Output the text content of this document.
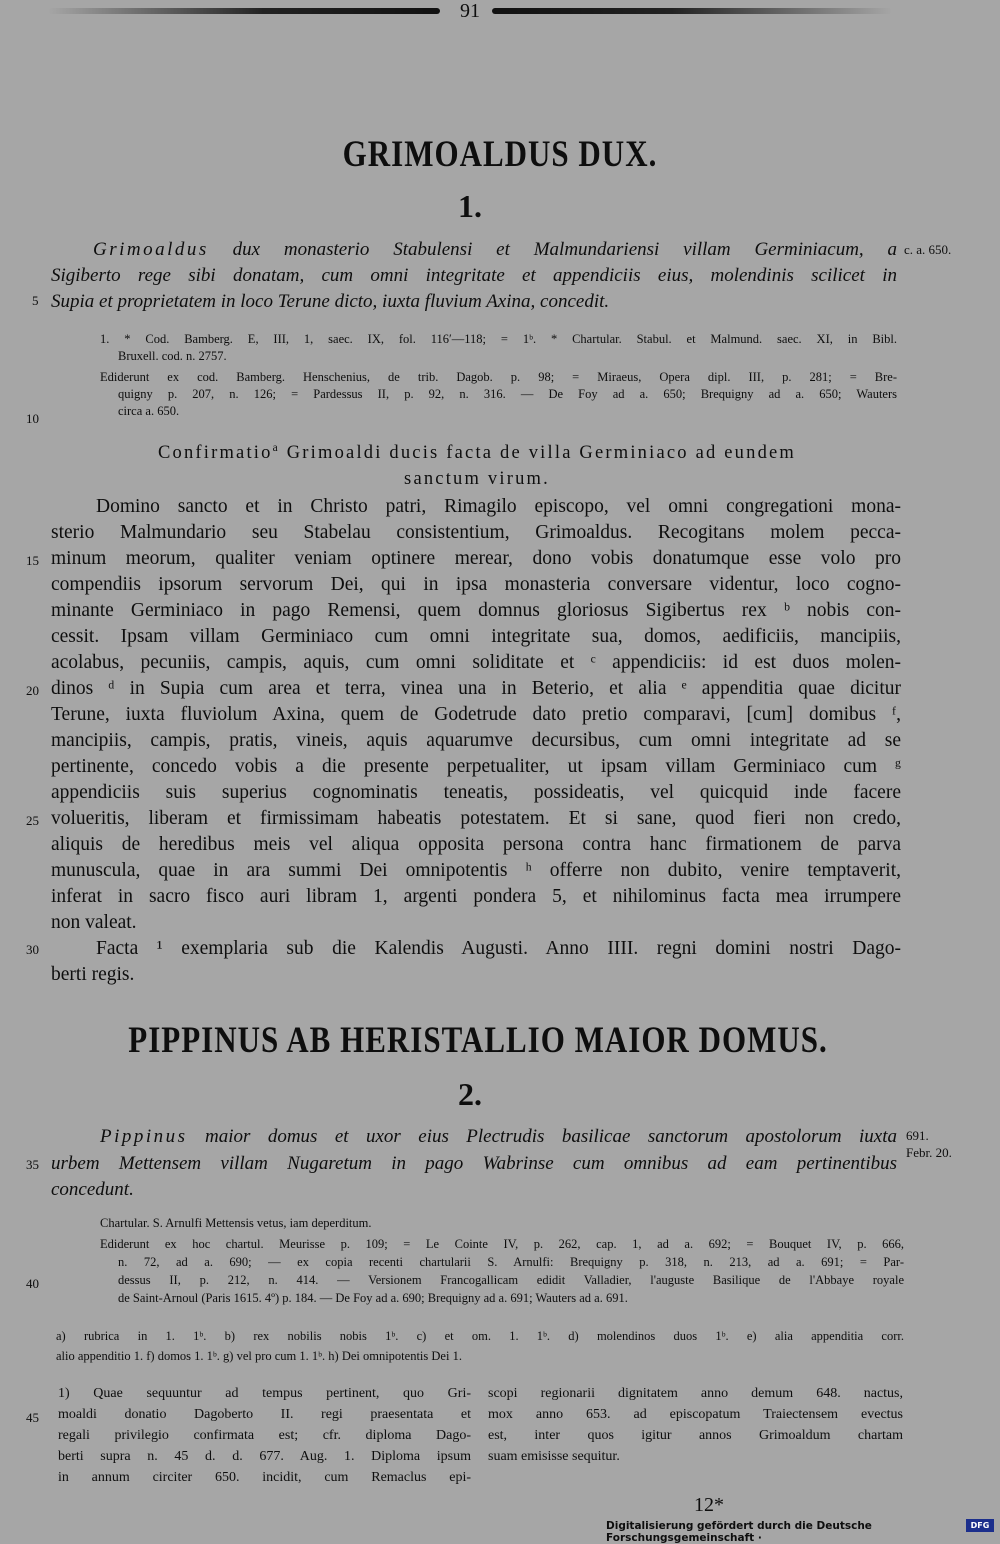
91
GRIMOALDUS DUX.
1.
Grimoaldus dux monasterio Stabulensi et Malmundariensi villam Germiniacum, a
Sigiberto rege sibi donatam, cum omni integritate et appendiciis eius, molendinis scilicet in
Supia et proprietatem in loco Terune dicto, iuxta fluvium Axina, concedit.
c. a. 650.
1. * Cod. Bamberg. E, III, 1, saec. IX, fol. 116′—118; = 1ᵇ. * Chartular. Stabul. et Malmund. saec. XI, in Bibl.
Bruxell. cod. n. 2757.
Ediderunt ex cod. Bamberg. Henschenius, de trib. Dagob. p. 98; = Miraeus, Opera dipl. III, p. 281; = Bre-
quigny p. 207, n. 126; = Pardessus II, p. 92, n. 316. — De Foy ad a. 650; Brequigny ad a. 650; Wauters
circa a. 650.
Confirmatio$^a$ Grimoaldi ducis facta de villa Germiniaco ad eundem
sanctum virum.
Domino sancto et in Christo patri, Rimagilo episcopo, vel omni congregationi mona-
sterio Malmundario seu Stabelau consistentium, Grimoaldus. Recogitans molem pecca-
minum meorum, qualiter veniam optinere merear, dono vobis donatumque esse volo pro
compendiis ipsorum servorum Dei, qui in ipsa monasteria conversare videntur, loco cogno-
minante Germiniaco in pago Remensi, quem domnus gloriosus Sigibertus rex ᵇ nobis con-
cessit. Ipsam villam Germiniaco cum omni integritate sua, domos, aedificiis, mancipiis,
acolabus, pecuniis, campis, aquis, cum omni soliditate et ᶜ appendiciis: id est duos molen-
dinos ᵈ in Supia cum area et terra, vinea una in Beterio, et alia ᵉ appenditia quae dicitur
Terune, iuxta fluviolum Axina, quem de Godetrude dato pretio comparavi, [cum] domibus ᶠ,
mancipiis, campis, pratis, vineis, aquis aquarumve decursibus, cum omni integritate ad se
pertinente, concedo vobis a die presente perpetualiter, ut ipsam villam Germiniaco cum ᵍ
appendiciis suis superius cognominatis teneatis, possideatis, vel quicquid inde facere
volueritis, liberam et firmissimam habeatis potestatem. Et si sane, quod fieri non credo,
aliquis de heredibus meis vel aliqua opposita persona contra hanc firmationem de parva
munuscula, quae in ara summi Dei omnipotentis ʰ offerre non dubito, venire temptaverit,
inferat in sacro fisco auri libram 1, argenti pondera 5, et nihilominus facta mea irrumpere
non valeat.
Facta ¹ exemplaria sub die Kalendis Augusti. Anno IIII. regni domini nostri Dago-
berti regis.
PIPPINUS AB HERISTALLIO MAIOR DOMUS.
2.
Pippinus maior domus et uxor eius Plectrudis basilicae sanctorum apostolorum iuxta
urbem Mettensem villam Nugaretum in pago Wabrinse cum omnibus ad eam pertinentibus
concedunt.
691.
Febr. 20.
Chartular. S. Arnulfi Mettensis vetus, iam deperditum.
Ediderunt ex hoc chartul. Meurisse p. 109; = Le Cointe IV, p. 262, cap. 1, ad a. 692; = Bouquet IV, p. 666,
n. 72, ad a. 690; — ex copia recenti chartularii S. Arnulfi: Brequigny p. 318, n. 213, ad a. 691; = Par-
dessus II, p. 212, n. 414. — Versionem Francogallicam edidit Valladier, l'auguste Basilique de l'Abbaye royale
de Saint-Arnoul (Paris 1615. 4º) p. 184. — De Foy ad a. 690; Brequigny ad a. 691; Wauters ad a. 691.
a) rubrica in 1. 1ᵇ. b) rex nobilis nobis 1ᵇ. c) et om. 1. 1ᵇ. d) molendinos duos 1ᵇ. e) alia appenditia corr.
alio appenditio 1. f) domos 1. 1ᵇ. g) vel pro cum 1. 1ᵇ. h) Dei omnipotentis Dei 1.
1) Quae sequuntur ad tempus pertinent, quo Gri-
moaldi donatio Dagoberto II. regi praesentata et
regali privilegio confirmata est; cfr. diploma Dago-
berti supra n. 45 d. d. 677. Aug. 1. Diploma ipsum
in annum circiter 650. incidit, cum Remaclus epi-
scopi regionarii dignitatem anno demum 648. nactus,
mox anno 653. ad episcopatum Traiectensem evectus
est, inter quos igitur annos Grimoaldum chartam
suam emisisse sequitur.
5
10
15
20
25
30
35
40
45
12*
Digitalisierung gefördert durch die Deutsche Forschungsgemeinschaft ·
DFG
